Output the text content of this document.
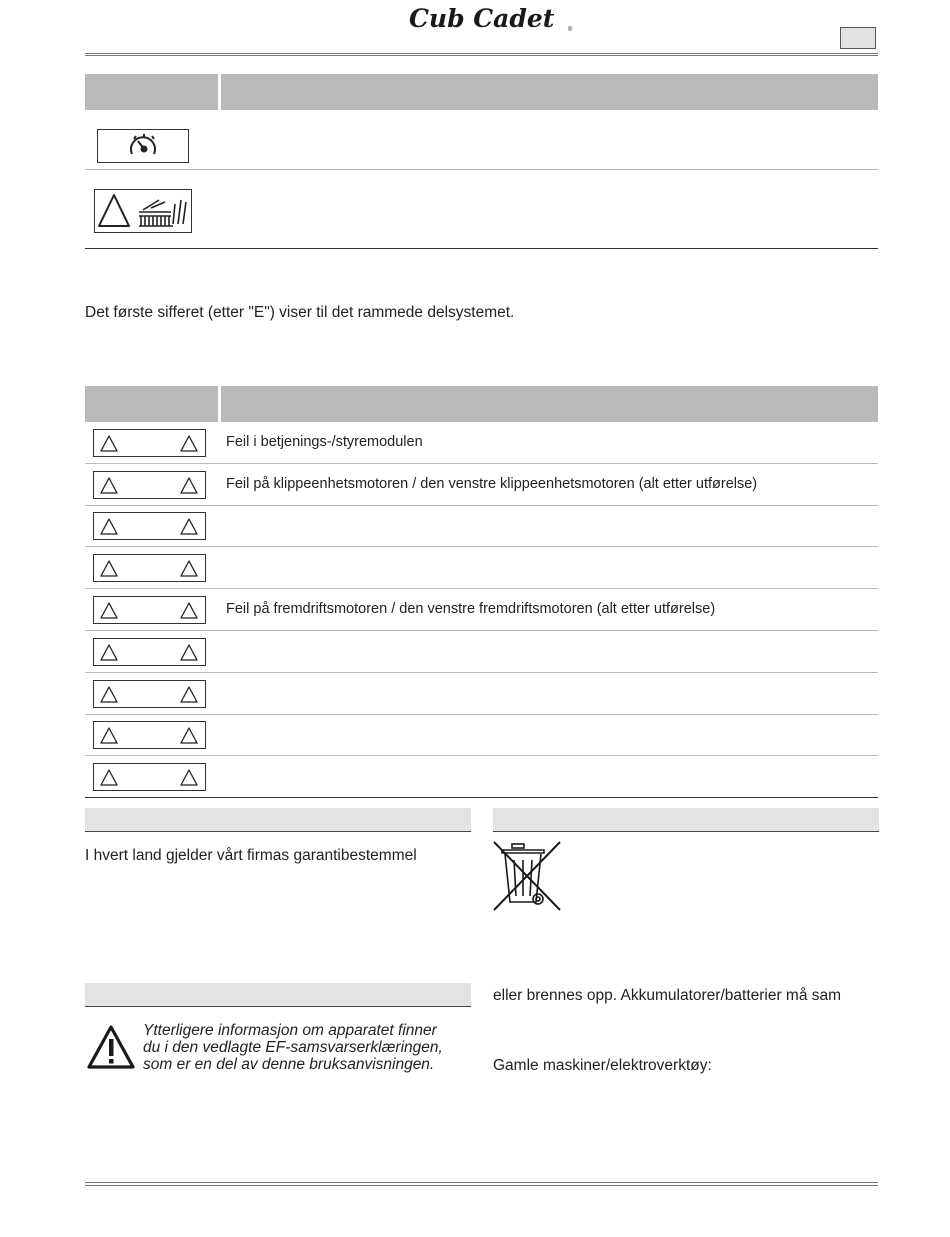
Cub Cadet ®
Det første sifferet (etter "E") viser til det rammede delsystemet.
Feil i betjenings-/styremodulen
Feil på klippeenhetsmotoren / den venstre klippeenhetsmotoren (alt etter utførelse)
Feil på fremdriftsmotoren / den venstre fremdriftsmotoren (alt etter utførelse)
I hvert land gjelder vårt firmas garantibestemmel
Ytterligere informasjon om apparatet finner
du i den vedlagte EF-samsvarserklæringen,
som er en del av denne bruksanvisningen.
eller brennes opp. Akkumulatorer/batterier må sam
Gamle maskiner/elektroverktøy:
